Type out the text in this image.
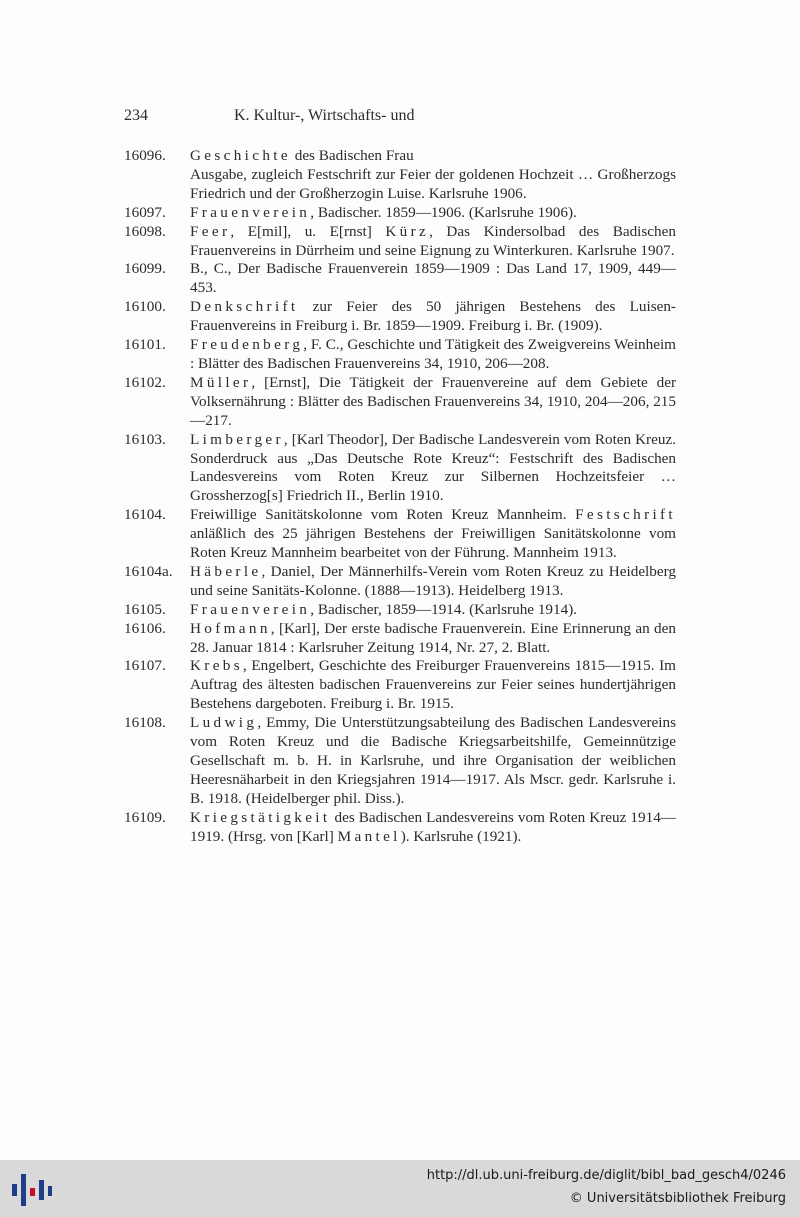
234	K. Kultur-, Wirtschafts- und
16096.	Geschichte des Badischen Frau
Ausgabe, zugleich Festschrift zur Feier der goldenen Hochzeit … Großherzogs Friedrich und der Großherzogin Luise. Karlsruhe 1906.
16097.	Frauenverein, Badischer. 1859—1906. (Karlsruhe 1906).
16098.	Feer, E[mil], u. E[rnst] Kürz, Das Kindersolbad des Badischen Frauenvereins in Dürrheim und seine Eignung zu Winterkuren. Karlsruhe 1907.
16099.	B., C., Der Badische Frauenverein 1859—1909 : Das Land 17, 1909, 449—453.
16100.	Denkschrift zur Feier des 50 jährigen Bestehens des Luisen-Frauenvereins in Freiburg i. Br. 1859—1909. Freiburg i. Br. (1909).
16101.	Freudenberg, F. C., Geschichte und Tätigkeit des Zweigvereins Weinheim : Blätter des Badischen Frauenvereins 34, 1910, 206—208.
16102.	Müller, [Ernst], Die Tätigkeit der Frauenvereine auf dem Gebiete der Volksernährung : Blätter des Badischen Frauenvereins 34, 1910, 204—206, 215—217.
16103.	Limberger, [Karl Theodor], Der Badische Landesverein vom Roten Kreuz. Sonderdruck aus „Das Deutsche Rote Kreuz“: Festschrift des Badischen Landesvereins vom Roten Kreuz zur Silbernen Hochzeitsfeier … Grossherzog[s] Friedrich II., Berlin 1910.
16104.	Freiwillige Sanitätskolonne vom Roten Kreuz Mannheim. Festschrift anläßlich des 25 jährigen Bestehens der Freiwilligen Sanitätskolonne vom Roten Kreuz Mannheim bearbeitet von der Führung. Mannheim 1913.
16104a.	Häberle, Daniel, Der Männerhilfs-Verein vom Roten Kreuz zu Heidelberg und seine Sanitäts-Kolonne. (1888—1913). Heidelberg 1913.
16105.	Frauenverein, Badischer, 1859—1914. (Karlsruhe 1914).
16106.	Hofmann, [Karl], Der erste badische Frauenverein. Eine Erinnerung an den 28. Januar 1814 : Karlsruher Zeitung 1914, Nr. 27, 2. Blatt.
16107.	Krebs, Engelbert, Geschichte des Freiburger Frauenvereins 1815—1915. Im Auftrag des ältesten badischen Frauenvereins zur Feier seines hundertjährigen Bestehens dargeboten. Freiburg i. Br. 1915.
16108.	Ludwig, Emmy, Die Unterstützungsabteilung des Badischen Landesvereins vom Roten Kreuz und die Badische Kriegsarbeitshilfe, Gemeinnützige Gesellschaft m. b. H. in Karlsruhe, und ihre Organisation der weiblichen Heeresnäharbeit in den Kriegsjahren 1914—1917. Als Mscr. gedr. Karlsruhe i. B. 1918. (Heidelberger phil. Diss.).
16109.	Kriegstätigkeit des Badischen Landesvereins vom Roten Kreuz 1914—1919. (Hrsg. von [Karl] Mantel). Karlsruhe (1921).
http://dl.ub.uni-freiburg.de/diglit/bibl_bad_gesch4/0246
© Universitätsbibliothek Freiburg
